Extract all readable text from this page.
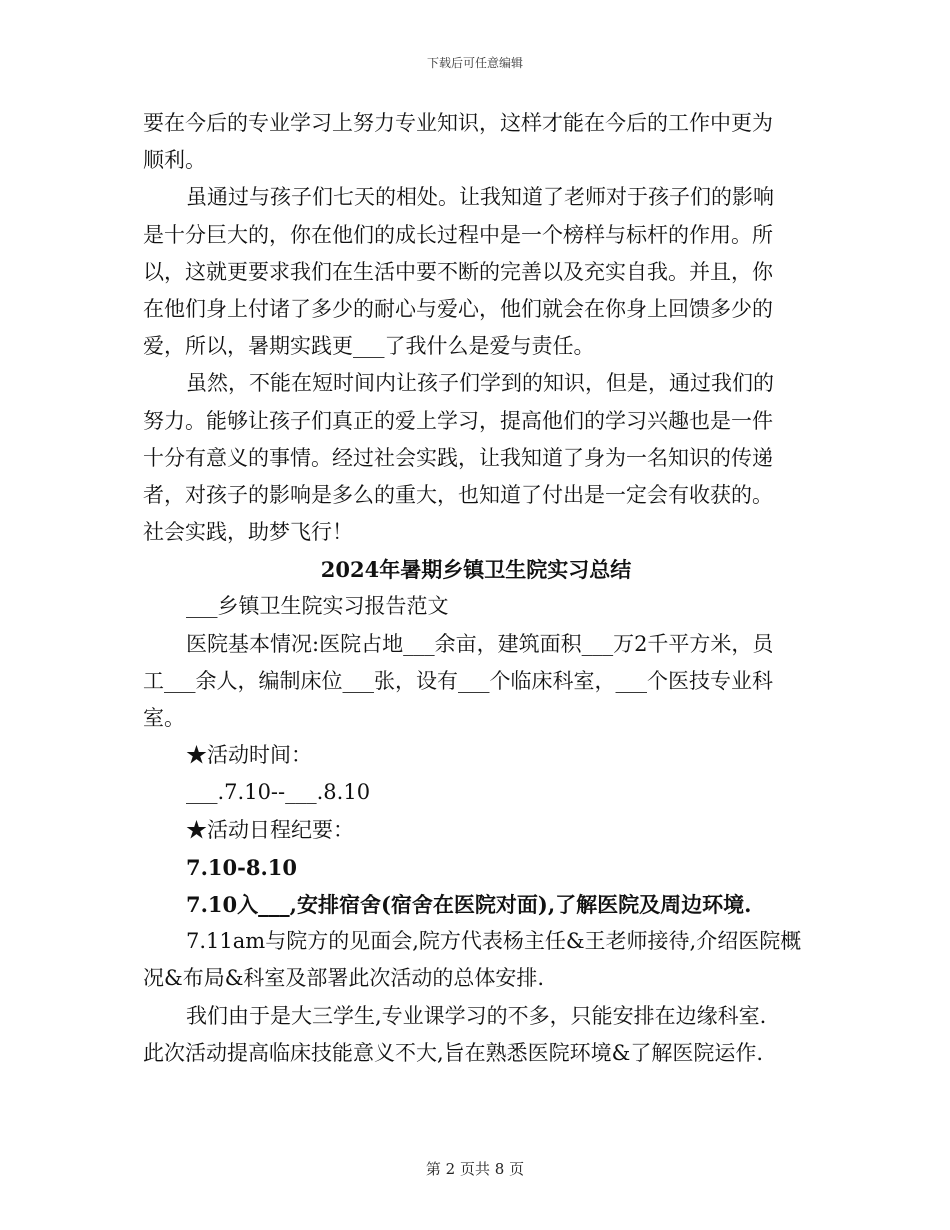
下载后可任意编辑
要在今后的专业学习上努力专业知识，这样才能在今后的工作中更为
顺利。
虽通过与孩子们七天的相处。让我知道了老师对于孩子们的影响
是十分巨大的，你在他们的成长过程中是一个榜样与标杆的作用。所
以，这就更要求我们在生活中要不断的完善以及充实自我。并且，你
在他们身上付诸了多少的耐心与爱心，他们就会在你身上回馈多少的
爱，所以，暑期实践更___了我什么是爱与责任。
虽然，不能在短时间内让孩子们学到的知识，但是，通过我们的
努力。能够让孩子们真正的爱上学习，提高他们的学习兴趣也是一件
十分有意义的事情。经过社会实践，让我知道了身为一名知识的传递
者，对孩子的影响是多么的重大，也知道了付出是一定会有收获的。
社会实践，助梦飞行！
2024年暑期乡镇卫生院实习总结
___乡镇卫生院实习报告范文
医院基本情况:医院占地___余亩，建筑面积___万2千平方米，员
工___余人，编制床位___张，设有___个临床科室，___个医技专业科
室。
★活动时间：
___.7.10--___.8.10
★活动日程纪要：
7.10-8.10
7.10入___,安排宿舍(宿舍在医院对面),了解医院及周边环境.
7.11am与院方的见面会,院方代表杨主任&王老师接待,介绍医院概
况&布局&科室及部署此次活动的总体安排.
我们由于是大三学生,专业课学习的不多，只能安排在边缘科室.
此次活动提高临床技能意义不大,旨在熟悉医院环境&了解医院运作.
第 2 页共 8 页
